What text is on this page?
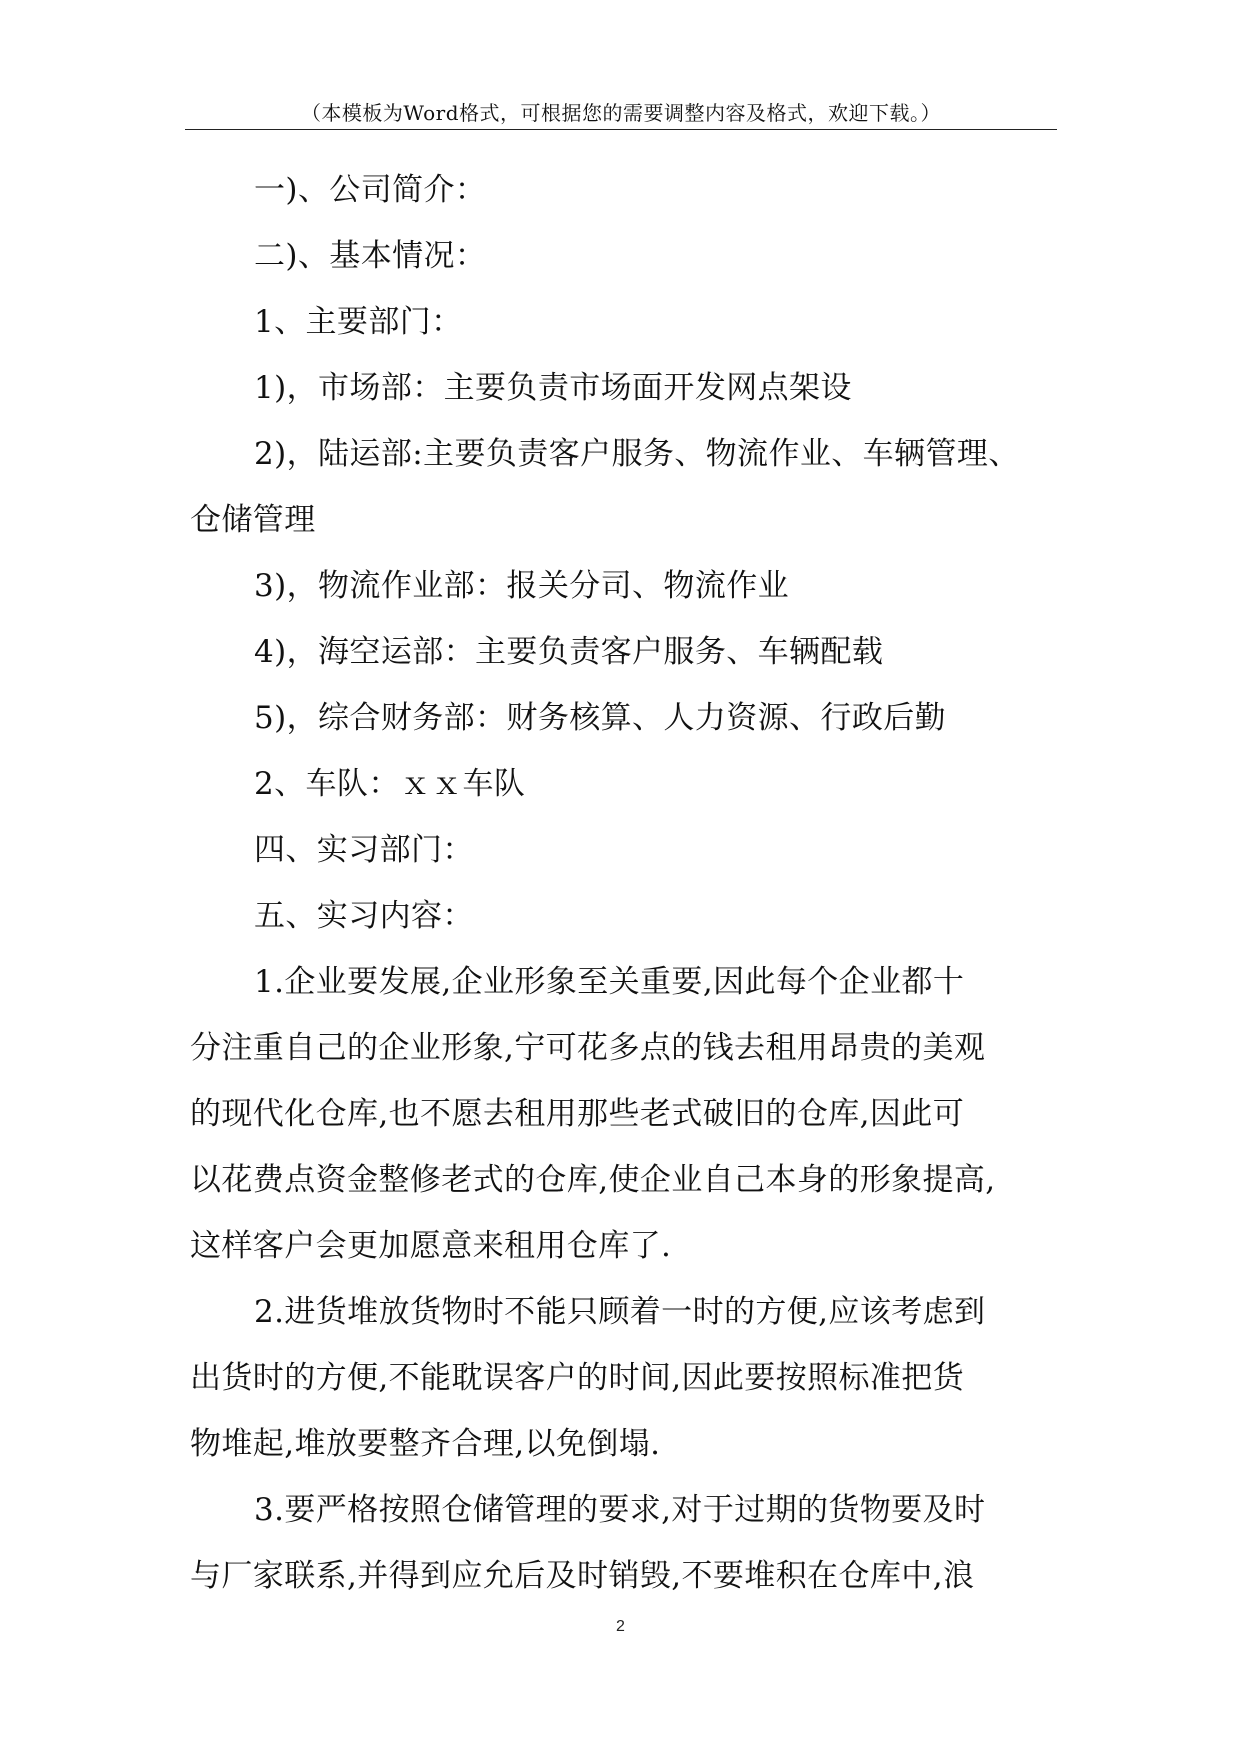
（本模板为Word格式，可根据您的需要调整内容及格式，欢迎下载。）
一)、公司简介：
二)、基本情况：
1、主要部门：
1)，市场部：主要负责市场面开发网点架设
2)，陆运部:主要负责客户服务、物流作业、车辆管理、
仓储管理
3)，物流作业部：报关分司、物流作业
4)，海空运部：主要负责客户服务、车辆配载
5)，综合财务部：财务核算、人力资源、行政后勤
2、车队：ｘｘ车队
四、实习部门：
五、实习内容：
1.企业要发展,企业形象至关重要,因此每个企业都十
分注重自己的企业形象,宁可花多点的钱去租用昂贵的美观
的现代化仓库,也不愿去租用那些老式破旧的仓库,因此可
以花费点资金整修老式的仓库,使企业自己本身的形象提高,
这样客户会更加愿意来租用仓库了.
2.进货堆放货物时不能只顾着一时的方便,应该考虑到
出货时的方便,不能耽误客户的时间,因此要按照标准把货
物堆起,堆放要整齐合理,以免倒塌.
3.要严格按照仓储管理的要求,对于过期的货物要及时
与厂家联系,并得到应允后及时销毁,不要堆积在仓库中,浪
2
